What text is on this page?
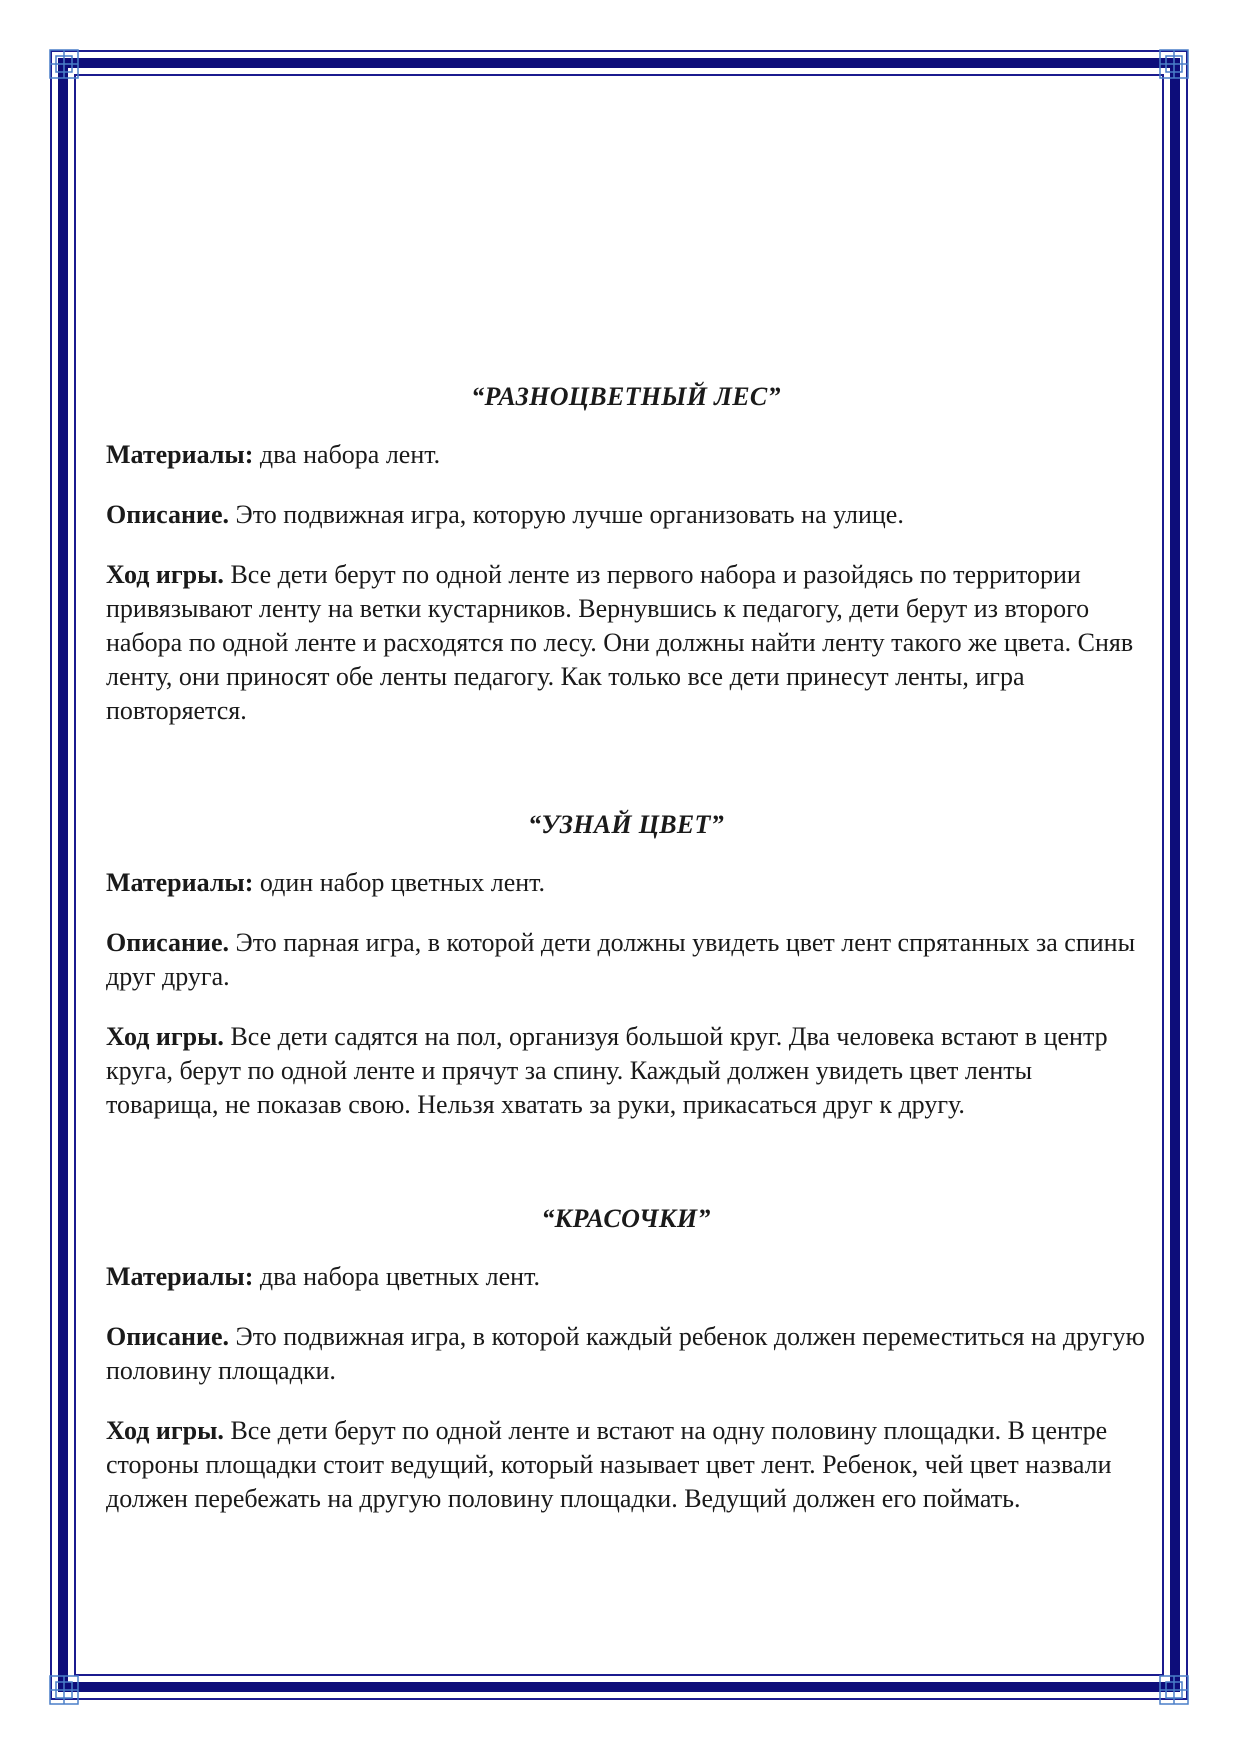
“РАЗНОЦВЕТНЫЙ ЛЕС”

Материалы: два набора лент.

Описание. Это подвижная игра, которую лучше организовать на улице.

Ход игры. Все дети берут по одной ленте из первого набора и разойдясь по территории привязывают ленту на ветки кустарников. Вернувшись к педагогу, дети берут из второго набора по одной ленте и расходятся по лесу. Они должны найти ленту такого же цвета. Сняв ленту, они приносят обе ленты педагогу. Как только все дети принесут ленты, игра повторяется.

“УЗНАЙ ЦВЕТ”

Материалы: один набор цветных лент.

Описание. Это парная игра, в которой дети должны увидеть цвет лент спрятанных за спины друг друга.

Ход игры. Все дети садятся на пол, организуя большой круг. Два человека встают в центр круга, берут по одной ленте и прячут за спину. Каждый должен увидеть цвет ленты товарища, не показав свою. Нельзя хватать за руки, прикасаться друг к другу.

“КРАСОЧКИ”

Материалы: два набора цветных лент.

Описание. Это подвижная игра, в которой каждый ребенок должен переместиться на другую половину площадки.

Ход игры. Все дети берут по одной ленте и встают на одну половину площадки. В центре стороны площадки стоит ведущий, который называет цвет лент. Ребенок, чей цвет назвали должен перебежать на другую половину площадки. Ведущий должен его поймать.
